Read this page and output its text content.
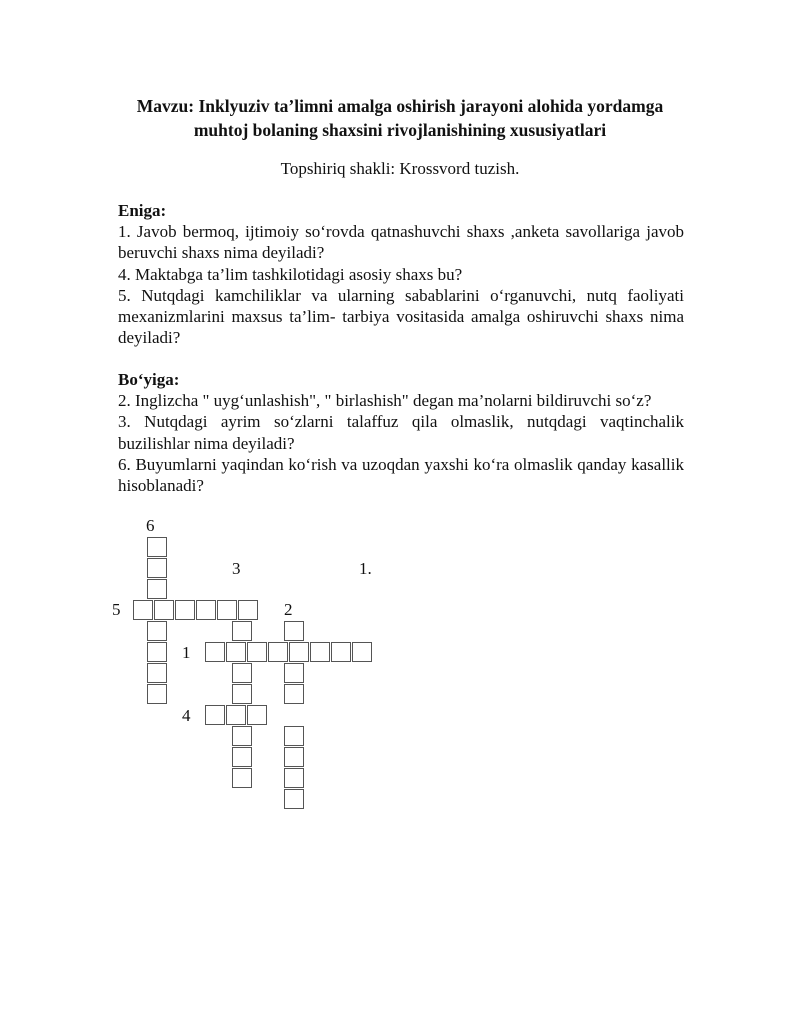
Mavzu: Inklyuziv ta’limni amalga oshirish jarayoni alohida yordamga
muhtoj bolaning shaxsini rivojlanishining xususiyatlari
Topshiriq shakli: Krossvord tuzish.
Eniga:

1. Javob bermoq, ijtimoiy so‘rovda qatnashuvchi shaxs ,anketa savollariga javob beruvchi shaxs nima deyiladi?

4. Maktabga ta’lim tashkilotidagi asosiy shaxs bu?

5. Nutqdagi kamchiliklar va ularning sabablarini o‘rganuvchi, nutq faoliyati mexanizmlarini maxsus ta’lim- tarbiya vositasida amalga oshiruvchi shaxs nima deyiladi?

Bo‘yiga:

2. Inglizcha " uyg‘unlashish", " birlashish" degan ma’nolarni bildiruvchi so‘z?

3. Nutqdagi ayrim so‘zlarni talaffuz qila olmaslik, nutqdagi vaqtinchalik buzilishlar nima deyiladi?

6. Buyumlarni yaqindan ko‘rish va uzoqdan yaxshi ko‘ra olmaslik qanday kasallik hisoblanadi?

6
3	1.
5	2
1
4
